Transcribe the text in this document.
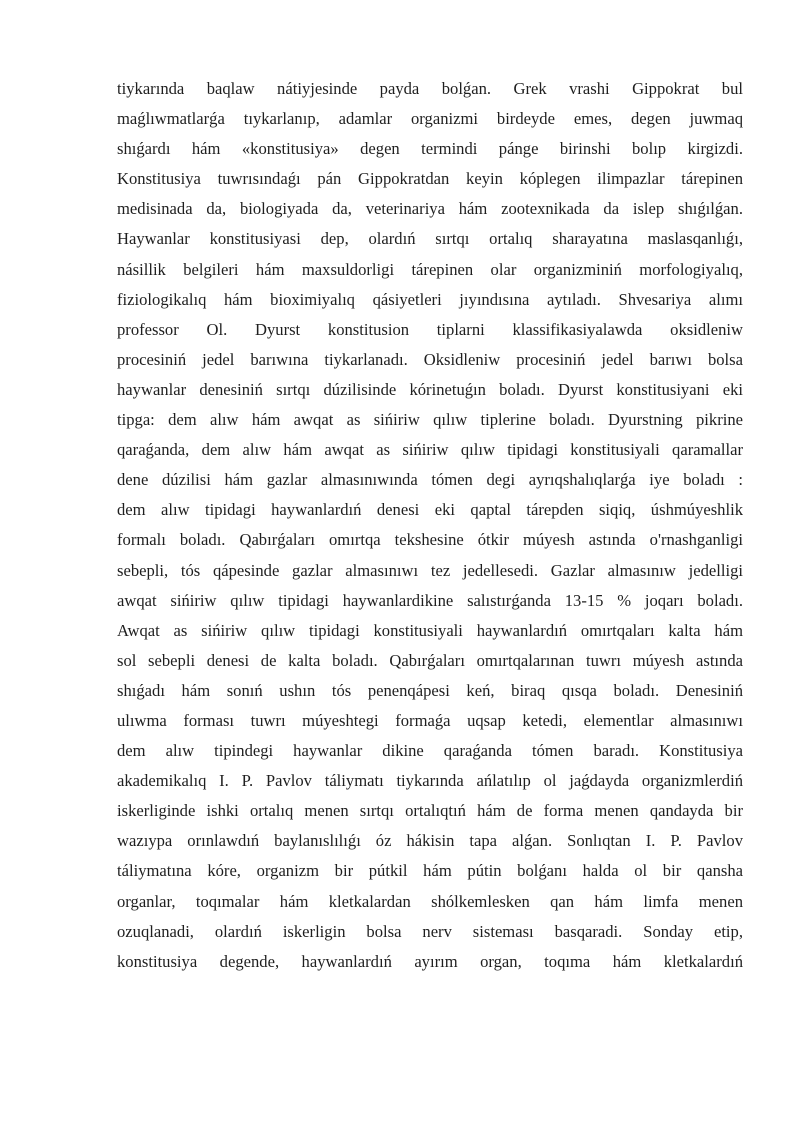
tiykarında baqlaw nátiyjesinde payda bolǵan. Grek vrashi Gippokrat bul
maǵlıwmatlarǵa tıykarlanıp, adamlar organizmi birdeyde emes, degen juwmaq
shıǵardı hám «konstitusiya» degen termindi pánge birinshi bolıp kirgizdi.
Konstitusiya tuwrısındaǵı pán Gippokratdan keyin kóplegen ilimpazlar tárepinen
medisinada da, biologiyada da, veterinariya hám zootexnikada da islep shıǵılǵan.
Haywanlar konstitusiyasi dep, olardıń sırtqı ortalıq sharayatına maslasqanlıǵı,
násillik belgileri hám maxsuldorligi tárepinen olar organizminiń morfologiyalıq,
fiziologikalıq hám bioximiyalıq qásiyetleri jıyındısına aytıladı. Shvesariya alımı
professor Ol. Dyurst konstitusion tiplarni klassifikasiyalawda oksidleniw
procesiniń jedel barıwına tiykarlanadı. Oksidleniw procesiniń jedel barıwı bolsa
haywanlar denesiniń sırtqı dúzilisinde kórinetuǵın boladı. Dyurst konstitusiyani eki
tipga: dem alıw hám awqat as sińiriw qılıw tiplerine boladı. Dyurstning pikrine
qaraǵanda, dem alıw hám awqat as sińiriw qılıw tipidagi konstitusiyali qaramallar
dene dúzilisi hám gazlar almasınıwında tómen degi ayrıqshalıqlarǵa iye boladı :
dem alıw tipidagi haywanlardıń denesi eki qaptal tárepden siqiq, úshmúyeshlik
formalı boladı. Qabırǵaları omırtqa tekshesine ótkir múyesh astında o'rnashganligi
sebepli, tós qápesinde gazlar almasınıwı tez jedellesedi. Gazlar almasınıw jedelligi
awqat sińiriw qılıw tipidagi haywanlardikine salıstırǵanda 13-15 % joqarı boladı.
Awqat as sińiriw qılıw tipidagi konstitusiyali haywanlardıń omırtqaları kalta hám
sol sebepli denesi de kalta boladı. Qabırǵaları omırtqalarınan tuwrı múyesh astında
shıǵadı hám sonıń ushın tós penenqápesi keń, biraq qısqa boladı. Denesiniń
ulıwma forması tuwrı múyeshtegi formaǵa uqsap ketedi, elementlar almasınıwı
dem alıw tipindegi haywanlar dikine qaraǵanda tómen baradı. Konstitusiya
akademikalıq I. P. Pavlov táliymatı tiykarında ańlatılıp ol jaǵdayda organizmlerdiń
iskerliginde ishki ortalıq menen sırtqı ortalıqtıń hám de forma menen qandayda bir
wazıypa orınlawdıń baylanıslılıǵı óz hákisin tapa alǵan. Sonlıqtan I. P. Pavlov
táliymatına kóre, organizm bir pútkil hám pútin bolǵanı halda ol bir qansha
organlar, toqımalar hám kletkalardan shólkemlesken qan hám limfa menen
ozuqlanadi, olardıń iskerligin bolsa nerv sisteması basqaradi. Sonday etip,
konstitusiya degende, haywanlardıń ayırım organ, toqıma hám kletkalardıń
